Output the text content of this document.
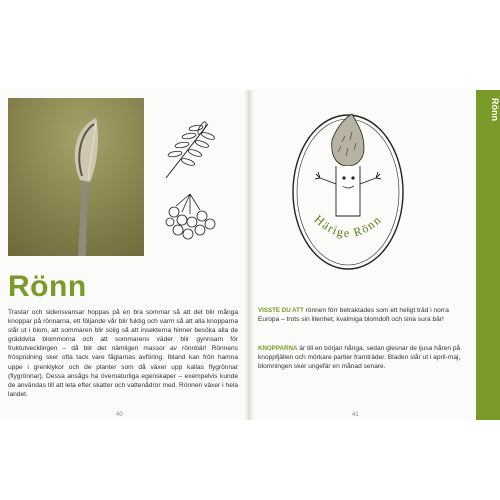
Rönn
Trastar och sidensvansar hoppas på en bra sommar så att det blir många knoppar på rönnarna, ett följande vår blir fuktig och varm så att alla knopparna slår ut i blom, att sommaren blir solig så att insekterna hinner besöka alla de gräddvita blommorna och att sommarens väder blir gynnsam för fruktutvecklingen – då blir det nämligen massor av rönnbär! Rönnens fröspridning sker ofta tack vare fåglarnas avföring. Ibland kan frön hamna uppe i grenklykor och de planter som då växer upp kallas flygrönnar (flygrönnar). Dessa ansågs ha övernaturliga egenskaper – exempelvis kunde de användas till att leta efter skatter och vattenådror med. Rönnen växer i hela landet.
40
Härige Rönn
VISSTE DU ATT rönnen förr betraktades som ett heligt träd i norra Europa – trots sin litenhet, kvalmiga blomdoft och sina sura bär!
KNOPPARNA är till en början håriga, sedan glesnar de ljusa håren på knoppfjällen och mörkare partier framträder. Bladen slår ut i april-maj, blomningen sker ungefär en månad senare.
41
Rönn
